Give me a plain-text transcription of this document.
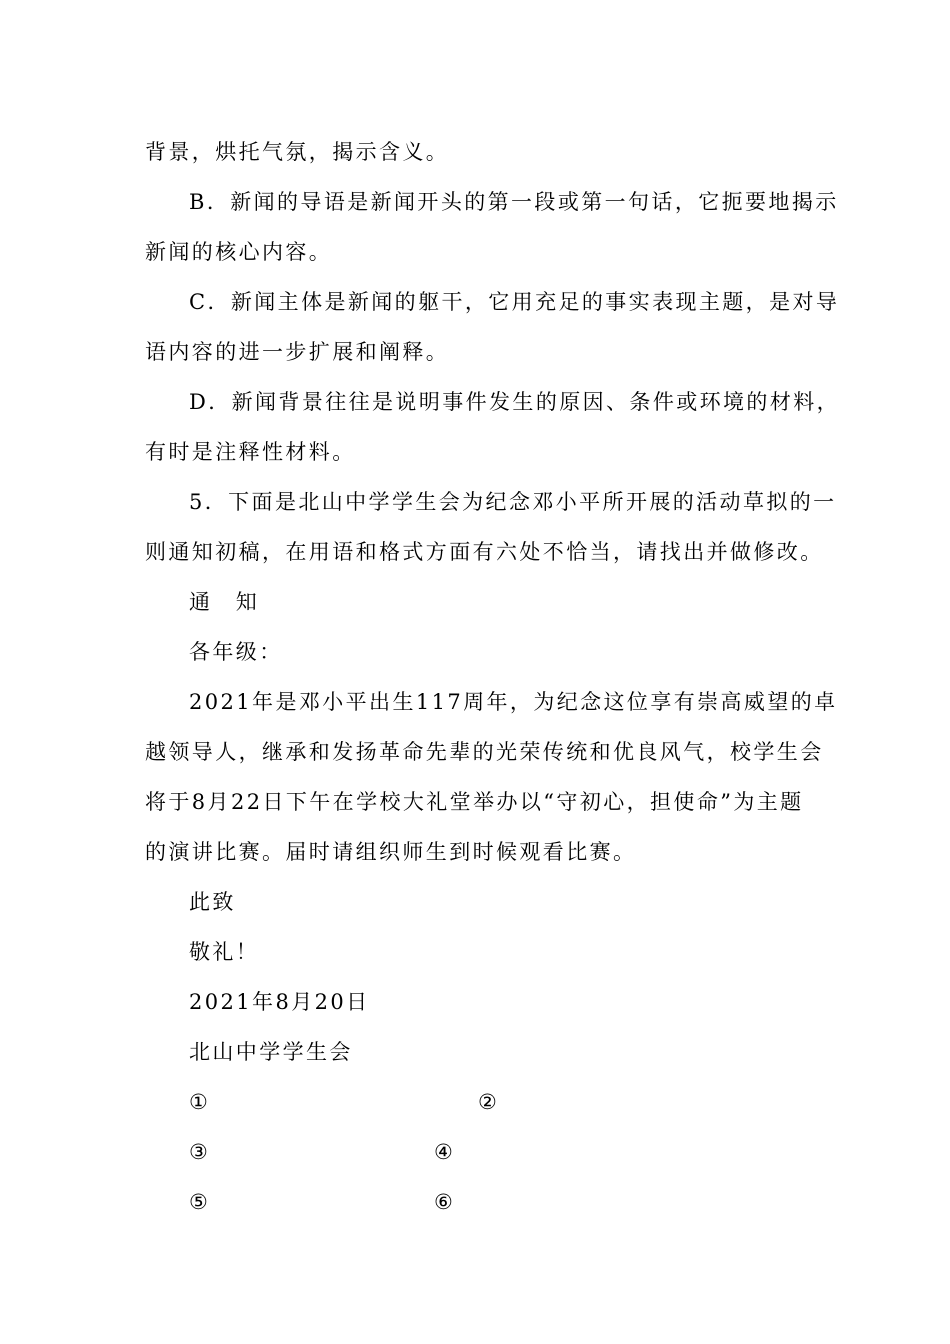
背景，烘托气氛，揭示含义。
B．新闻的导语是新闻开头的第一段或第一句话，它扼要地揭示
新闻的核心内容。
C．新闻主体是新闻的躯干，它用充足的事实表现主题，是对导
语内容的进一步扩展和阐释。
D．新闻背景往往是说明事件发生的原因、条件或环境的材料，
有时是注释性材料。
5．下面是北山中学学生会为纪念邓小平所开展的活动草拟的一
则通知初稿，在用语和格式方面有六处不恰当，请找出并做修改。
通　知
各年级：
2021年是邓小平出生117周年，为纪念这位享有崇高威望的卓
越领导人，继承和发扬革命先辈的光荣传统和优良风气，校学生会
将于8月22日下午在学校大礼堂举办以“守初心，担使命”为主题
的演讲比赛。届时请组织师生到时候观看比赛。
此致
敬礼！
2021年8月20日
北山中学学生会
①	②
③	④
⑤	⑥
